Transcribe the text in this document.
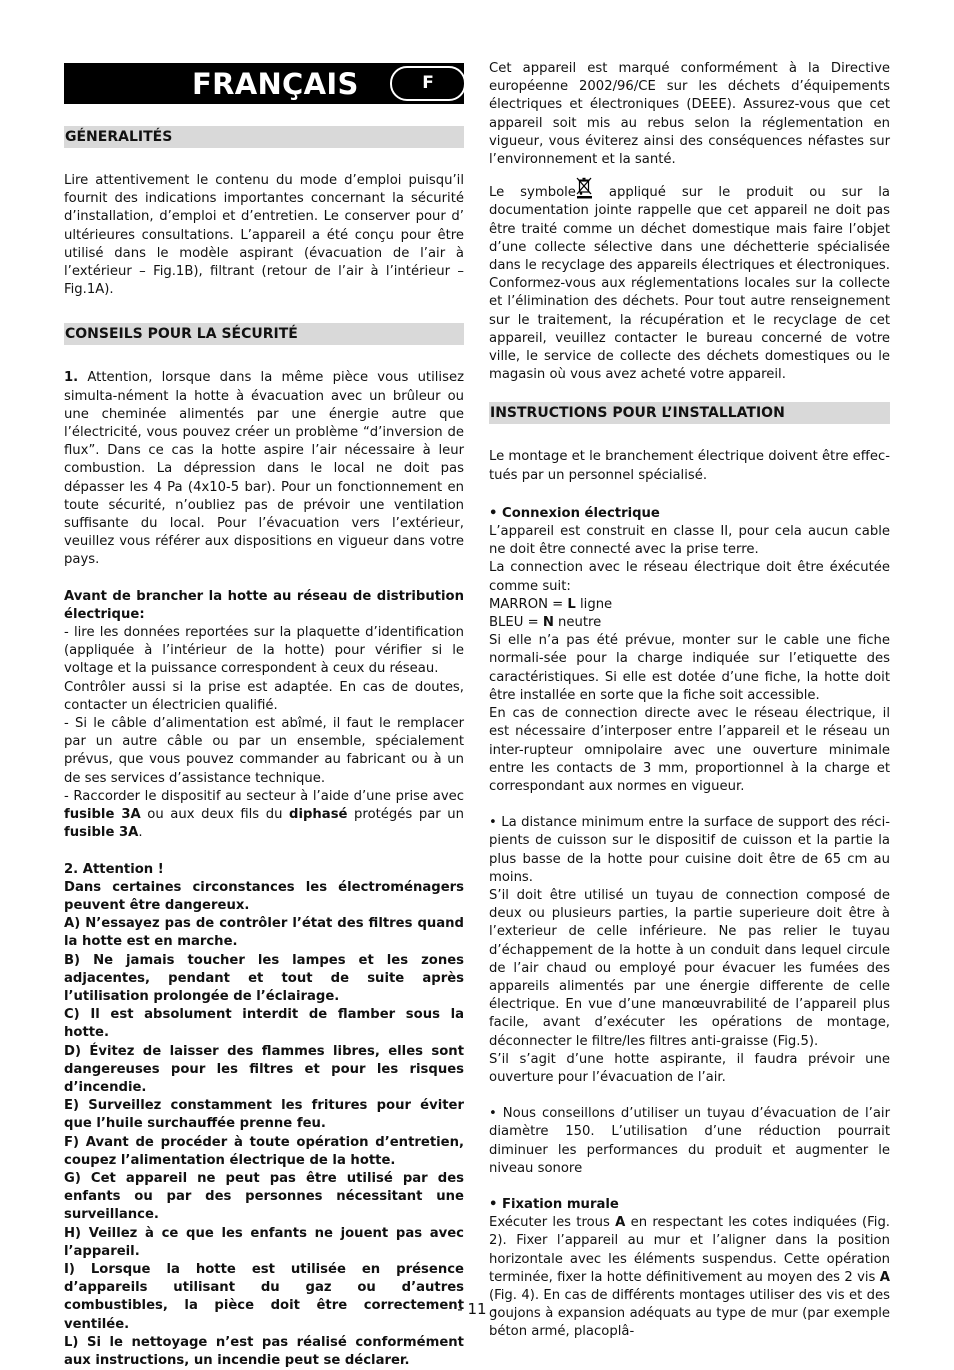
FRANÇAIS	F
GÉNERALITÉS

Lire attentivement le contenu du mode d’emploi puisqu’il fournit des indications importantes concernant la sécurité d’installation, d’emploi et d’entretien. Le conserver pour d’ ultérieures consultations. L’appareil a été conçu pour être utilisé dans le modèle aspirant (évacuation de l’air à l’extérieur – Fig.1B), filtrant (retour de l’air à l’intérieur – Fig.1A).

CONSEILS POUR LA SÉCURITÉ

1. Attention, lorsque dans la même pièce vous utilisez simulta-nément la hotte à évacuation avec un brûleur ou une cheminée alimentés par une énergie autre que l’électricité, vous pouvez créer un problème “d’inversion de flux”. Dans ce cas la hotte aspire l’air nécessaire à leur combustion. La dépression dans le local ne doit pas dépasser les 4 Pa (4x10-5 bar). Pour un fonctionnement en toute sécurité, n’oubliez pas de prévoir une ventilation suffisante du local. Pour l’évacuation vers l’extérieur, veuillez vous référer aux dispositions en vigueur dans votre pays.

Avant de brancher la hotte au réseau de distribution électrique:

- lire les données reportées sur la plaquette d’identification (appliquée à l’intérieur de la hotte) pour vérifier si le voltage et la puissance correspondent à ceux du réseau.

Contrôler aussi si la prise est adaptée. En cas de doutes, contacter un électricien qualifié.

- Si le câble d’alimentation est abîmé, il faut le remplacer par un autre câble ou par un ensemble, spécialement prévus, que vous pouvez commander au fabricant ou à un de ses services d’assistance technique.

- Raccorder le dispositif au secteur à l’aide d’une prise avec fusible 3A ou aux deux fils du diphasé protégés par un fusible 3A.

2. Attention !

Dans certaines circonstances les électroménagers peuvent être dangereux.

A) N’essayez pas de contrôler l’état des filtres quand la hotte est en marche.

B) Ne jamais toucher les lampes et les zones adjacentes, pendant et tout de suite après l’utilisation prolongée de l’éclairage.

C) Il est absolument interdit de flamber sous la hotte.

D) Évitez de laisser des flammes libres, elles sont dangereuses pour les filtres et pour les risques d’incendie.

E) Surveillez constamment les fritures pour éviter que l’huile surchauffée prenne feu.

F) Avant de procéder à toute opération d’entretien, coupez l’alimentation électrique de la hotte.

G) Cet appareil ne peut pas être utilisé par des enfants ou par des personnes nécessitant une surveillance.

H) Veillez à ce que les enfants ne jouent pas avec l’appareil.

I) Lorsque la hotte est utilisée en présence d’appareils utilisant du gaz ou d’autres combustibles, la pièce doit être correctement ventilée.

L) Si le nettoyage n’est pas réalisé conformément aux instructions, un incendie peut se déclarer.

Cet appareil est marqué conformément à la Directive européenne 2002/96/CE sur les déchets d’équipements électriques et électroniques (DEEE). Assurez-vous que cet appareil soit mis au rebus selon la réglementation en vigueur, vous éviterez ainsi des conséquences néfastes sur l’environnement et la santé.

Le symbole appliqué sur le produit ou sur la documentation jointe rappelle que cet appareil ne doit pas être traité comme un déchet domestique mais faire l’objet d’une collecte sélective dans une déchetterie spécialisée dans le recyclage des appareils électriques et électroniques. Conformez-vous aux réglementations locales sur la collecte et l’élimination des déchets. Pour tout autre renseignement sur le traitement, la récupération et le recyclage de cet appareil, veuillez contacter le bureau concerné de votre ville, le service de collecte des déchets domestiques ou le magasin où vous avez acheté votre appareil.

INSTRUCTIONS POUR L’INSTALLATION

Le montage et le branchement électrique doivent être effec-tués par un personnel spécialisé.

• Connexion électrique

L’appareil est construit en classe II, pour cela aucun cable ne doit être connecté avec la prise terre.

La connection avec le réseau électrique doit être éxécutée comme suit:

MARRON = L ligne

BLEU = N neutre

Si elle n’a pas été prévue, monter sur le cable une fiche normali-sée pour la charge indiquée sur l’etiquette des caractéristiques. Si elle est dotée d’une fiche, la hotte doit être installée en sorte que la fiche soit accessible.

En cas de connection directe avec le réseau électrique, il est nécessaire d’interposer entre l’appareil et le réseau un inter-rupteur omnipolaire avec une ouverture minimale entre les contacts de 3 mm, proportionnel à la charge et correspondant aux normes en vigueur.

• La distance minimum entre la surface de support des réci-pients de cuisson sur le dispositif de cuisson et la partie la plus basse de la hotte pour cuisine doit être de 65 cm au moins.

S’il doit être utilisé un tuyau de connection composé de deux ou plusieurs parties, la partie superieure doit être à l’exterieur de celle inférieure. Ne pas relier le tuyau d’échappement de la hotte à un conduit dans lequel circule de l’air chaud ou employé pour évacuer les fumées des appareils alimentés par une énergie differente de celle électrique. En vue d’une manœuvrabilité de l’appareil plus facile, avant d’exécuter les opérations de montage, déconnecter le filtre/les filtres anti-graisse (Fig.5).

S’il s’agit d’une hotte aspirante, il faudra prévoir une ouverture pour l’évacuation de l’air.

• Nous conseillons d’utiliser un tuyau d’évacuation de l’air diamètre 150. L’utilisation d’une réduction pourrait diminuer les performances du produit et augmenter le niveau sonore

• Fixation murale

Exécuter les trous A en respectant les cotes indiquées (Fig. 2). Fixer l’appareil au mur et l’aligner dans la position horizontale avec les éléments suspendus. Cette opération terminée, fixer la hotte définitivement au moyen des 2 vis A (Fig. 4). En cas de différents montages utiliser des vis et des goujons à expansion adéquats au type de mur (par exemple béton armé, placoplâ-

- 11 -
